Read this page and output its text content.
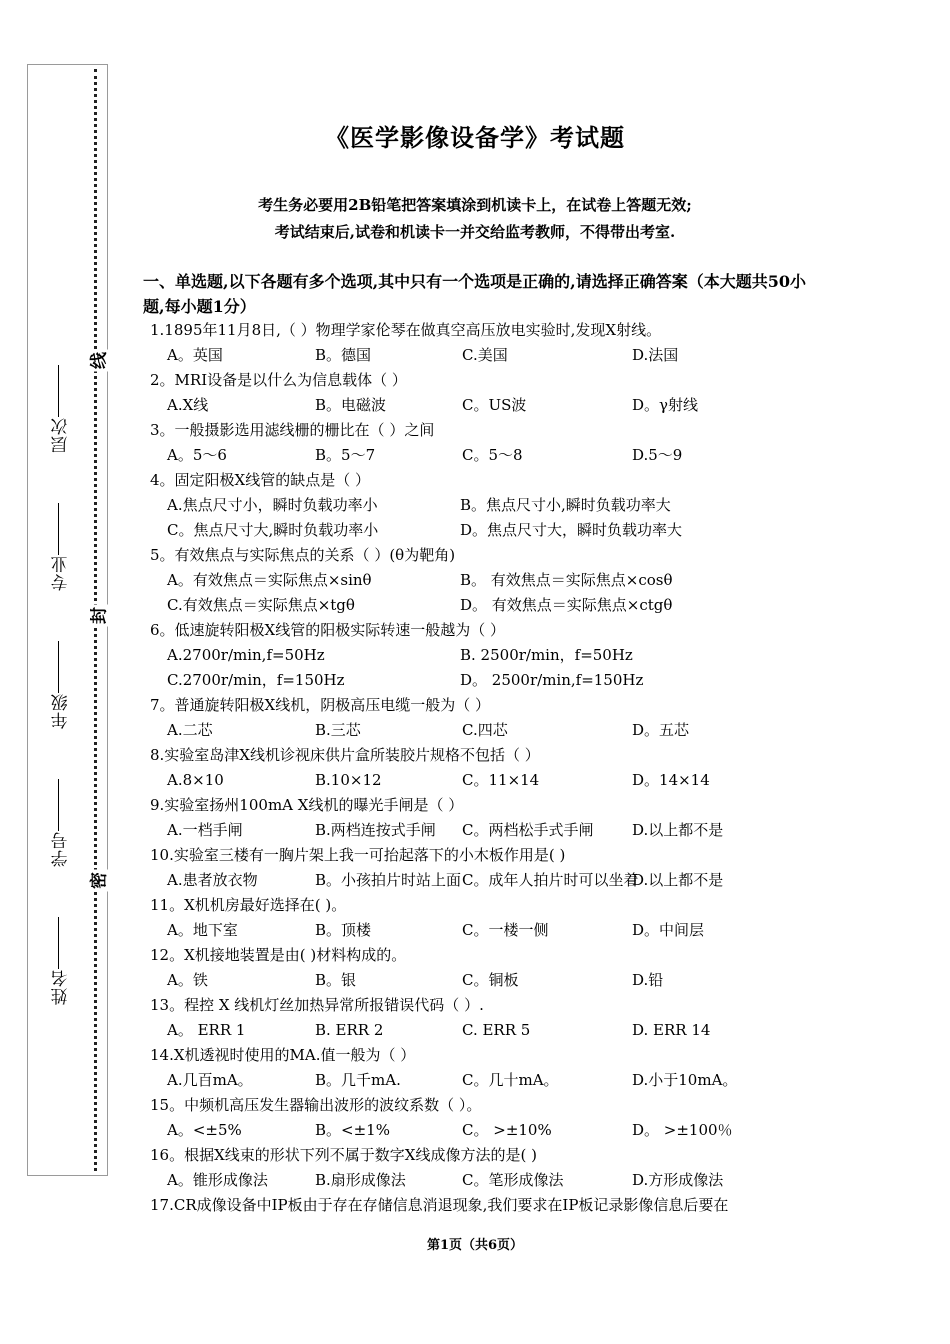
姓名
学号
年级
专业
层次
线
封
密
《医学影像设备学》考试题
考生务必要用2B铅笔把答案填涂到机读卡上，在试卷上答题无效;
考试结束后,试卷和机读卡一并交给监考教师，不得带出考室.
一、单选题,以下各题有多个选项,其中只有一个选项是正确的,请选择正确答案（本大题共50小题,每小题1分）
1.1895年11月8日,（ ）物理学家伦琴在做真空高压放电实验时,发现X射线。
A。英国	B。德国	C.美国	D.法国
2。MRI设备是以什么为信息载体（ ）
A.X线	B。电磁波	C。US波	D。γ射线
3。一般摄影选用滤线栅的栅比在（ ）之间
A。5～6	B。5～7	C。5～8	D.5～9
4。固定阳极X线管的缺点是（ ）
A.焦点尺寸小，瞬时负载功率小	B。焦点尺寸小,瞬时负载功率大
C。焦点尺寸大,瞬时负载功率小	D。焦点尺寸大，瞬时负载功率大
5。有效焦点与实际焦点的关系（ ）(θ为靶角)
A。有效焦点＝实际焦点×sinθ	B。 有效焦点＝实际焦点×cosθ
C.有效焦点＝实际焦点×tgθ	D。 有效焦点＝实际焦点×ctgθ
6。低速旋转阳极X线管的阳极实际转速一般越为（ ）
A.2700r/min,f=50Hz	B. 2500r/min，f=50Hz
C.2700r/min，f=150Hz	D。 2500r/min,f=150Hz
7。普通旋转阳极X线机，阴极高压电缆一般为（ ）
A.二芯	B.三芯	C.四芯	D。五芯
8.实验室岛津X线机诊视床供片盒所装胶片规格不包括（ ）
A.8×10	B.10×12	C。11×14	D。14×14
9.实验室扬州100mA X线机的曝光手闸是（ ）
A.一档手闸	B.两档连按式手闸 C。两档松手式手闸	D.以上都不是
10.实验室三楼有一胸片架上我一可抬起落下的小木板作用是( )
A.患者放衣物	B。小孩拍片时站上面 C。成年人拍片时可以坐着
D.以上都不是
11。X机机房最好选择在( )。
A。地下室	B。顶楼	C。一楼一侧	D。中间层
12。X机接地装置是由( )材料构成的。
A。铁	B。银	C。铜板	D.铅
13。程控 X 线机灯丝加热异常所报错误代码（ ）.
A。 ERR 1	B. ERR 2	C. ERR 5	D. ERR 14
14.X机透视时使用的MA.值一般为（ ）
A.几百mA。	B。几千mA.	C。几十mA。	D.小于10mA。
15。中频机高压发生器输出波形的波纹系数（ ）。
A。<±5%	B。<±1%	C。 >±10%	D。 >±100％
16。根据X线束的形状下列不属于数字X线成像方法的是( )
A。锥形成像法	B.扇形成像法	C。笔形成像法	D.方形成像法
17.CR成像设备中IP板由于存在存储信息消退现象,我们要求在IP板记录影像信息后要在
第1页（共6页）
